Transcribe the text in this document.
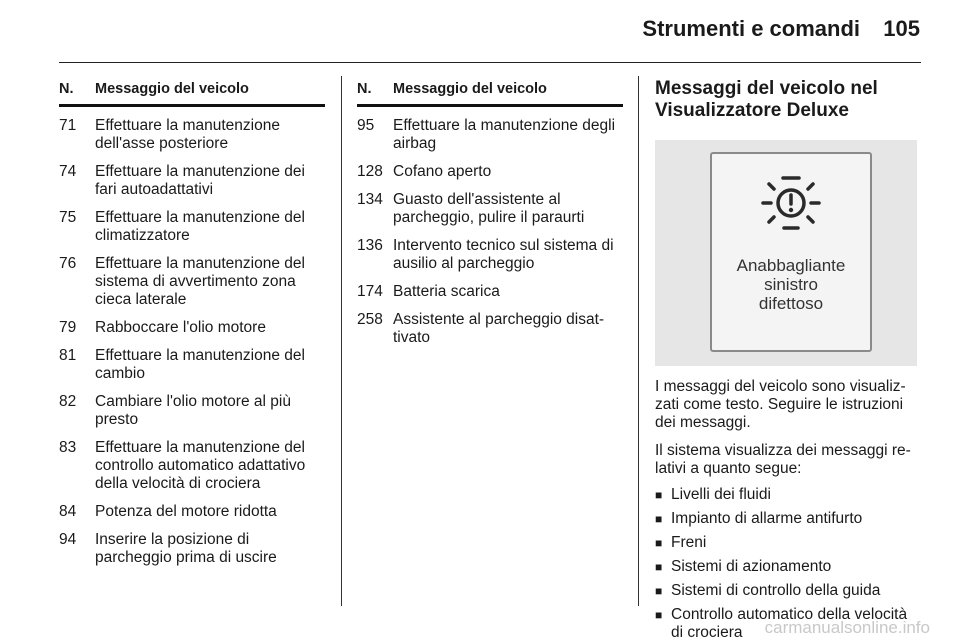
Strumenti e comandi 105
N.	Messaggio del veicolo
71	Effettuare la manutenzione dell'asse posteriore
74	Effettuare la manutenzione dei fari autoadattativi
75	Effettuare la manutenzione del climatizzatore
76	Effettuare la manutenzione del sistema di avvertimento zona cieca laterale
79	Rabboccare l'olio motore
81	Effettuare la manutenzione del cambio
82	Cambiare l'olio motore al più presto
83	Effettuare la manutenzione del controllo automatico adattativo della velocità di crociera
84	Potenza del motore ridotta
94	Inserire la posizione di parcheggio prima di uscire
N.	Messaggio del veicolo
95	Effettuare la manutenzione degli airbag
128 Cofano aperto
134 Guasto dell'assistente al parcheggio, pulire il paraurti
136 Intervento tecnico sul sistema di ausilio al parcheggio
174 Batteria scarica
258 Assistente al parcheggio disat-tivato
Messaggi del veicolo nel
Visualizzatore Deluxe
Anabbagliante
sinistro
difettoso

I messaggi del veicolo sono visualiz-zati come testo. Seguire le istruzioni dei messaggi.

Il sistema visualizza dei messaggi re-lativi a quanto segue:

■ Livelli dei fluidi
■ Impianto di allarme antifurto
■ Freni
■ Sistemi di azionamento
■ Sistemi di controllo della guida
■ Controllo automatico della velocità di crociera	carmanualsonline.info
